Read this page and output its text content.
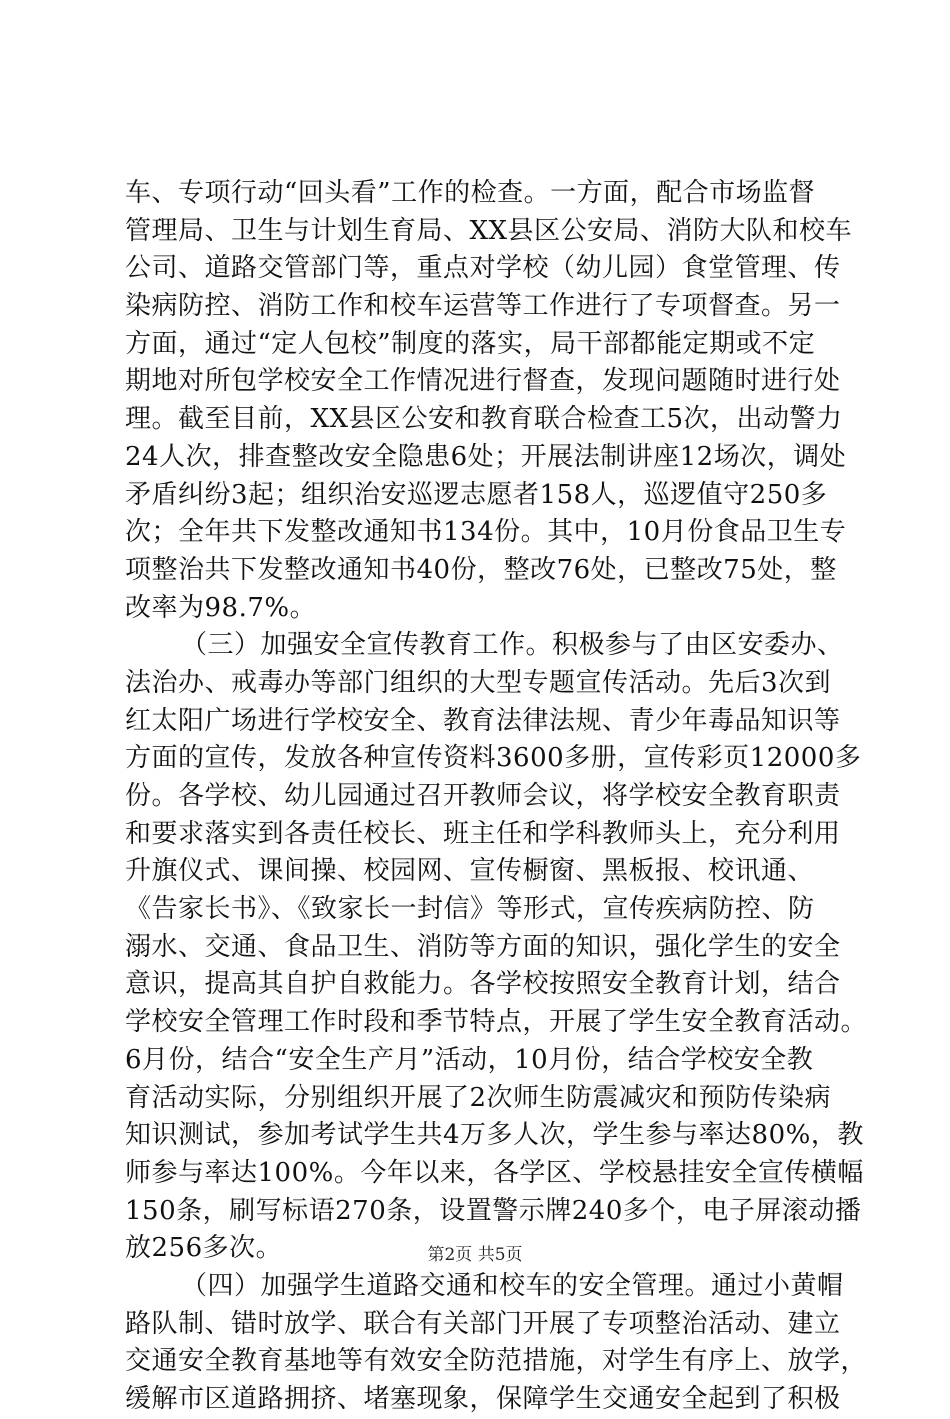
车、专项行动“回头看”工作的检查。一方面，配合市场监督
管理局、卫生与计划生育局、XX县区公安局、消防大队和校车
公司、道路交管部门等，重点对学校（幼儿园）食堂管理、传
染病防控、消防工作和校车运营等工作进行了专项督查。另一
方面，通过“定人包校”制度的落实，局干部都能定期或不定
期地对所包学校安全工作情况进行督查，发现问题随时进行处
理。截至目前，XX县区公安和教育联合检查工5次，出动警力
24人次，排查整改安全隐患6处；开展法制讲座12场次，调处
矛盾纠纷3起；组织治安巡逻志愿者158人，巡逻值守250多
次；全年共下发整改通知书134份。其中，10月份食品卫生专
项整治共下发整改通知书40份，整改76处，已整改75处，整
改率为98.7%。
（三）加强安全宣传教育工作。积极参与了由区安委办、
法治办、戒毒办等部门组织的大型专题宣传活动。先后3次到
红太阳广场进行学校安全、教育法律法规、青少年毒品知识等
方面的宣传，发放各种宣传资料3600多册，宣传彩页12000多
份。各学校、幼儿园通过召开教师会议，将学校安全教育职责
和要求落实到各责任校长、班主任和学科教师头上，充分利用
升旗仪式、课间操、校园网、宣传橱窗、黑板报、校讯通、
《告家长书》、《致家长一封信》等形式，宣传疾病防控、防
溺水、交通、食品卫生、消防等方面的知识，强化学生的安全
意识，提高其自护自救能力。各学校按照安全教育计划，结合
学校安全管理工作时段和季节特点，开展了学生安全教育活动。
6月份，结合“安全生产月”活动，10月份，结合学校安全教
育活动实际，分别组织开展了2次师生防震减灾和预防传染病
知识测试，参加考试学生共4万多人次，学生参与率达80%，教
师参与率达100%。今年以来，各学区、学校悬挂安全宣传横幅
150条，刷写标语270条，设置警示牌240多个，电子屏滚动播
放256多次。
（四）加强学生道路交通和校车的安全管理。通过小黄帽
路队制、错时放学、联合有关部门开展了专项整治活动、建立
交通安全教育基地等有效安全防范措施，对学生有序上、放学，
缓解市区道路拥挤、堵塞现象，保障学生交通安全起到了积极
第2页 共5页
